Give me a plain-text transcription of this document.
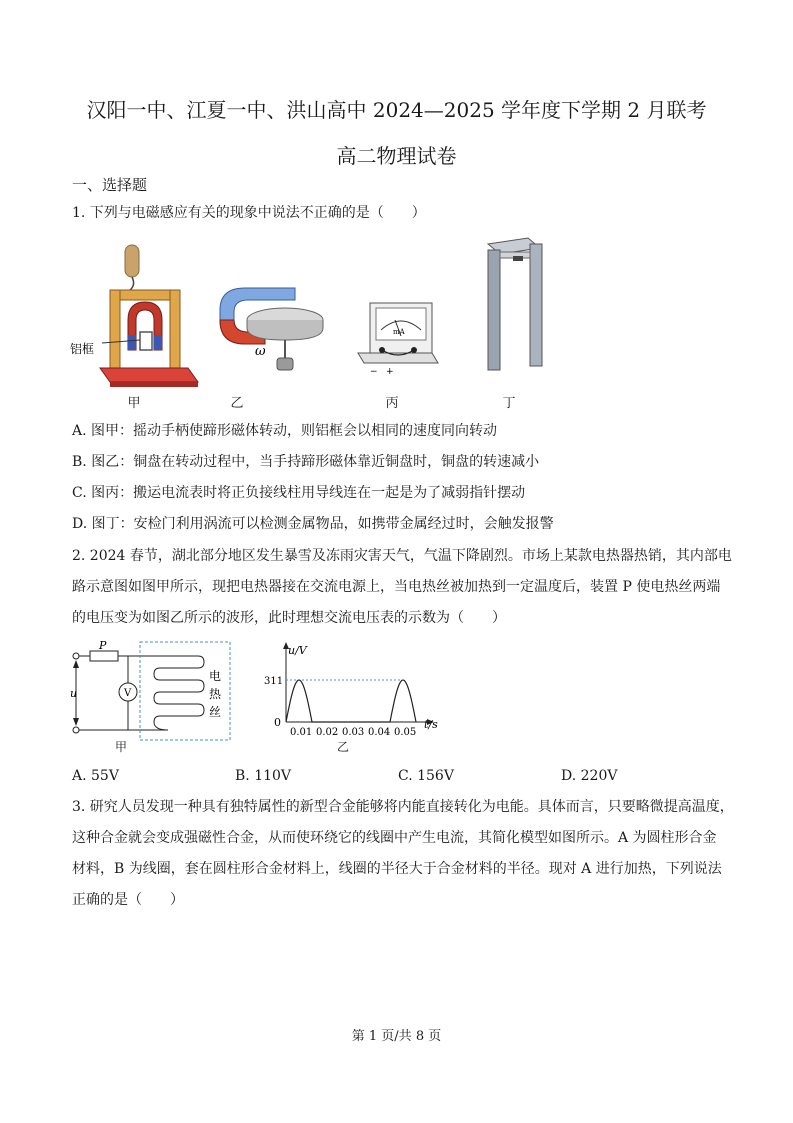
汉阳一中、江夏一中、洪山高中 2024—2025 学年度下学期 2 月联考
高二物理试卷
一、选择题
1. 下列与电磁感应有关的现象中说法不正确的是（　　）
铝框
甲
ω
乙
mA
− +
丙	丁
A. 图甲：摇动手柄使蹄形磁体转动，则铝框会以相同的速度同向转动
B. 图乙：铜盘在转动过程中，当手持蹄形磁体靠近铜盘时，铜盘的转速减小
C. 图丙：搬运电流表时将正负接线柱用导线连在一起是为了减弱指针摆动
D. 图丁：安检门利用涡流可以检测金属物品，如携带金属经过时，会触发报警
2. 2024 春节，湖北部分地区发生暴雪及冻雨灾害天气，气温下降剧烈。市场上某款电热器热销，其内部电
路示意图如图甲所示，现把电热器接在交流电源上，当电热丝被加热到一定温度后，装置 P 使电热丝两端
的电压变为如图乙所示的波形，此时理想交流电压表的示数为（　　）
P
u	V
电
热
丝
甲
u/V
311
0	t/s
0.01 0.02 0.03 0.04 0.05
乙
A. 55V	B. 110V	C. 156V	D. 220V
3. 研究人员发现一种具有独特属性的新型合金能够将内能直接转化为电能。具体而言，只要略微提高温度，
这种合金就会变成强磁性合金，从而使环绕它的线圈中产生电流，其简化模型如图所示。A 为圆柱形合金
材料，B 为线圈，套在圆柱形合金材料上，线圈的半径大于合金材料的半径。现对 A 进行加热，下列说法
正确的是（　　）
第 1 页/共 8 页
